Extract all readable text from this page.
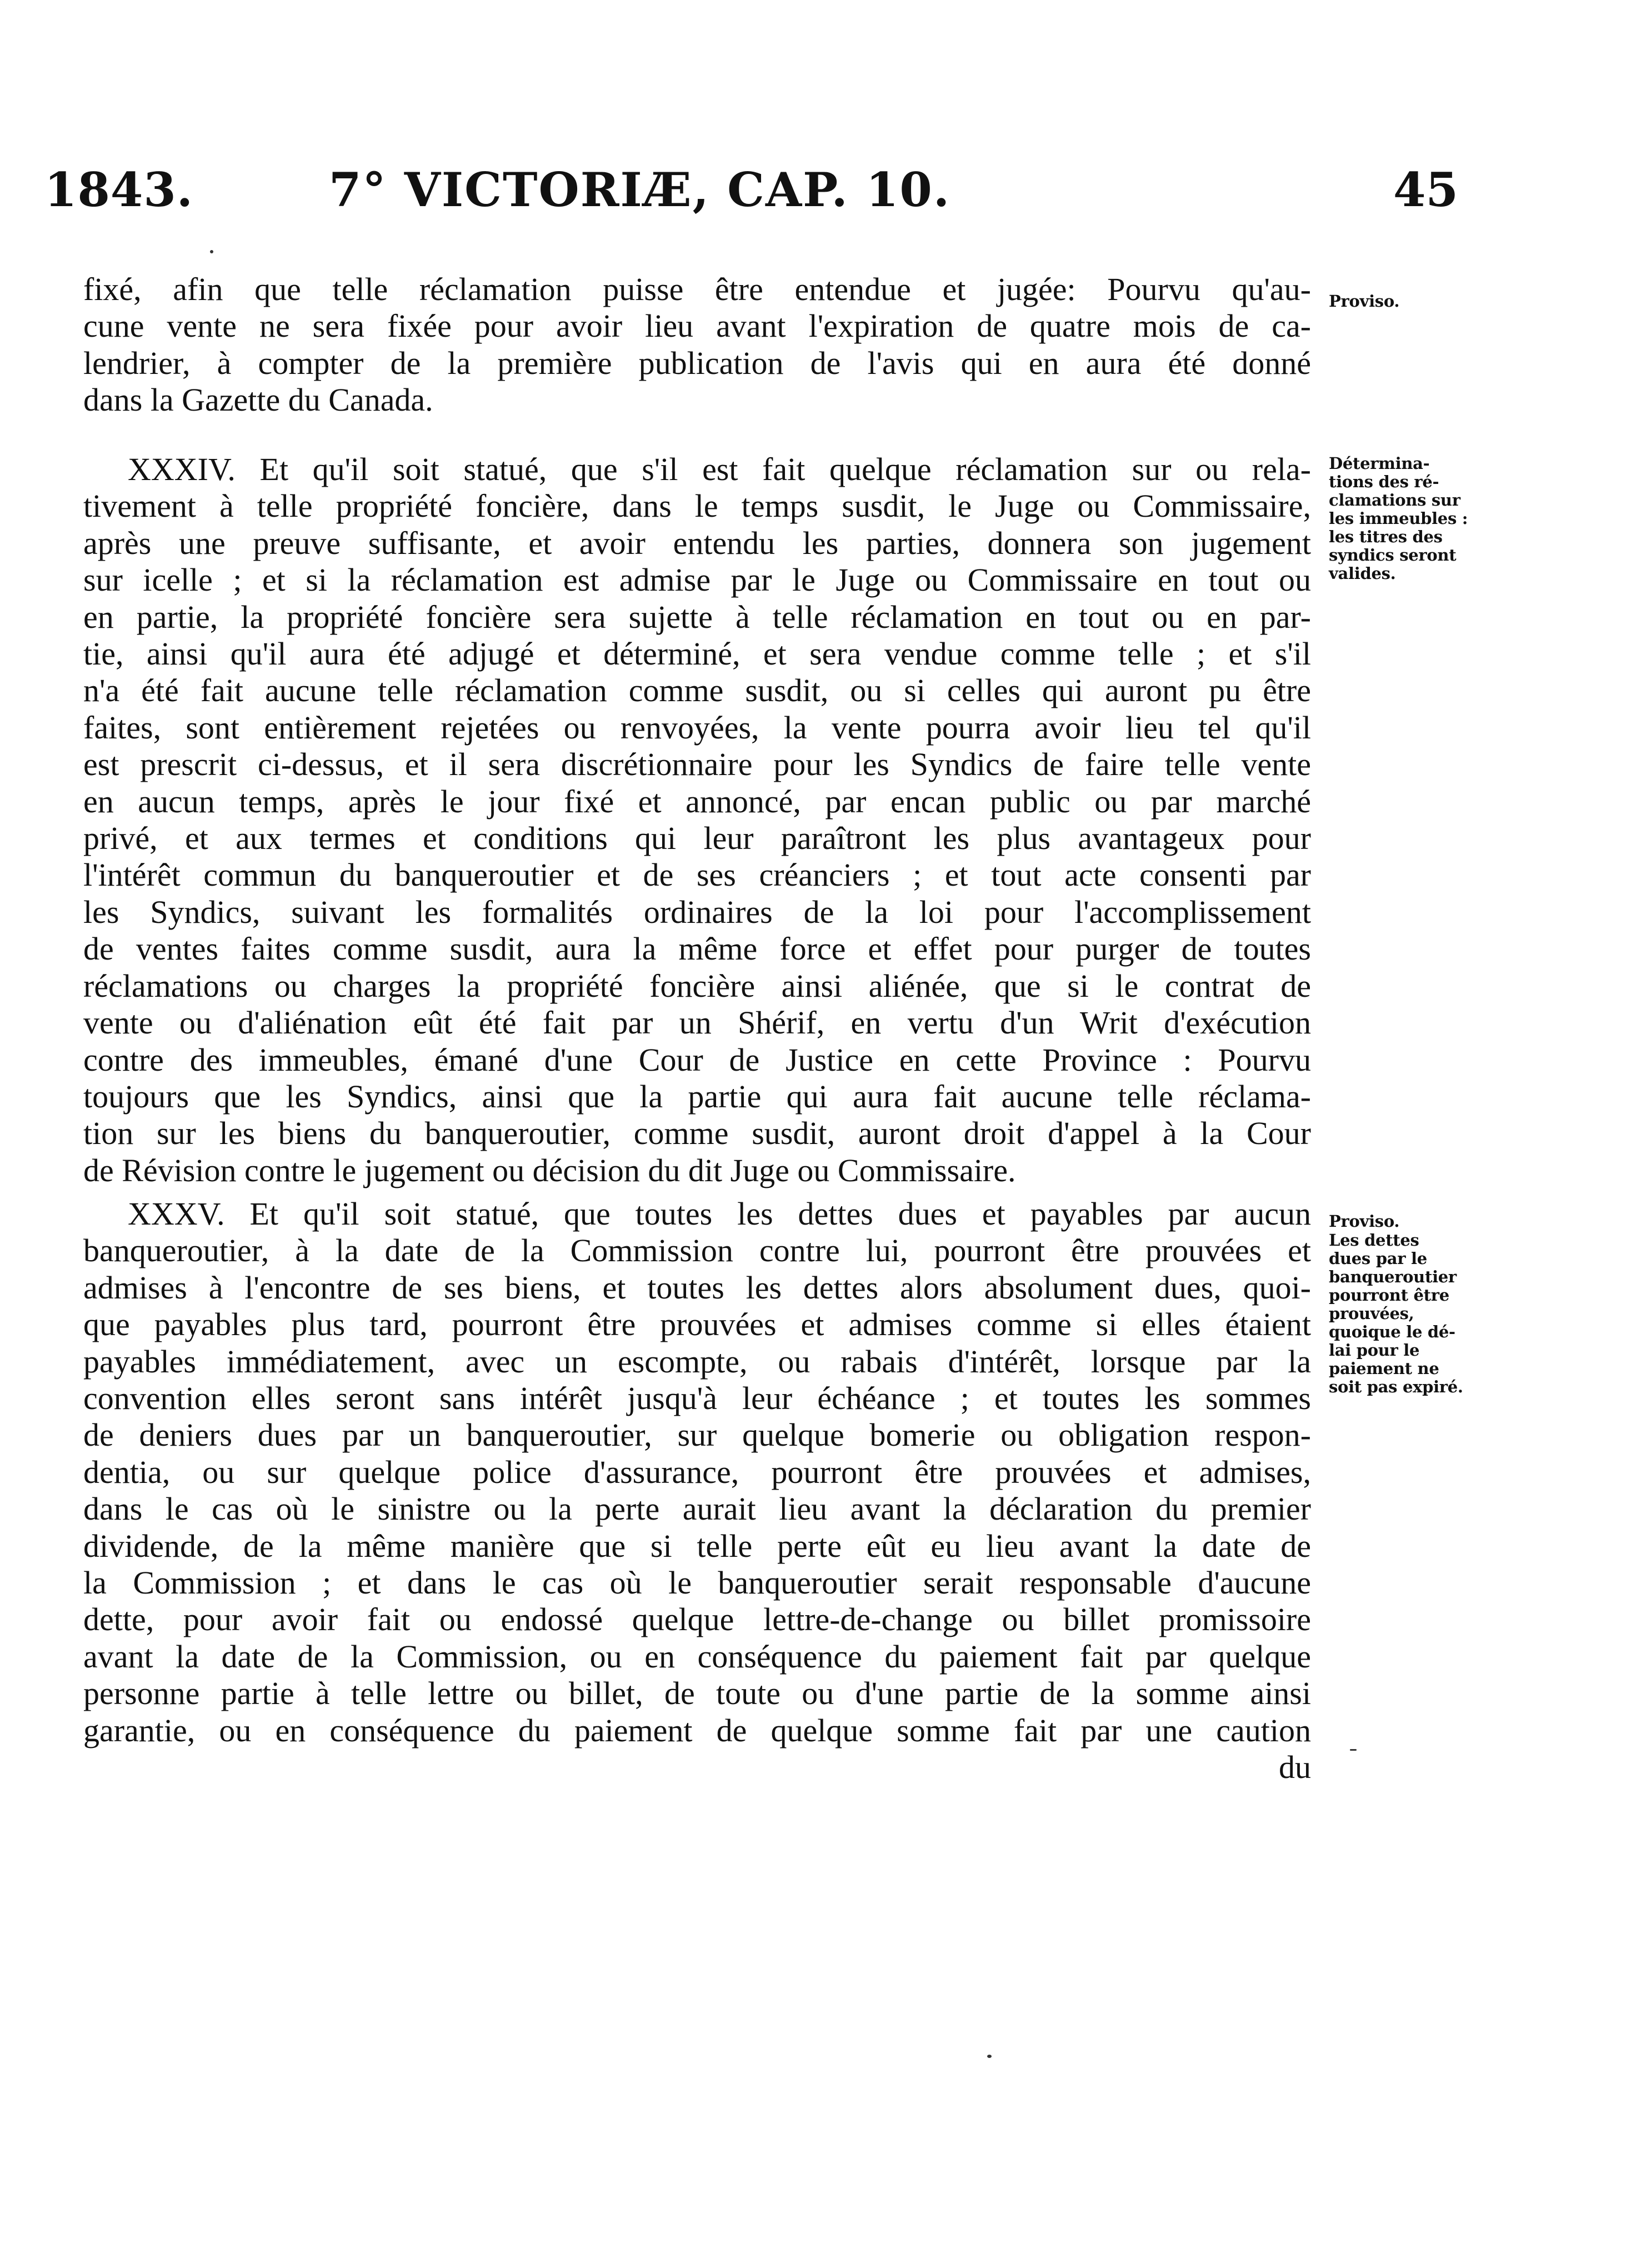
1843.	7° VICTORIÆ, CAP. 10.	45
fixé, afin que telle réclamation puisse être entendue et jugée: Pourvu qu'au-
cune vente ne sera fixée pour avoir lieu avant l'expiration de quatre mois de ca-
lendrier, à compter de la première publication de l'avis qui en aura été donné
dans la Gazette du Canada.
XXXIV. Et qu'il soit statué, que s'il est fait quelque réclamation sur ou rela-
tivement à telle propriété foncière, dans le temps susdit, le Juge ou Commissaire,
après une preuve suffisante, et avoir entendu les parties, donnera son jugement
sur icelle ; et si la réclamation est admise par le Juge ou Commissaire en tout ou
en partie, la propriété foncière sera sujette à telle réclamation en tout ou en par-
tie, ainsi qu'il aura été adjugé et déterminé, et sera vendue comme telle ; et s'il
n'a été fait aucune telle réclamation comme susdit, ou si celles qui auront pu être
faites, sont entièrement rejetées ou renvoyées, la vente pourra avoir lieu tel qu'il
est prescrit ci-dessus, et il sera discrétionnaire pour les Syndics de faire telle vente
en aucun temps, après le jour fixé et annoncé, par encan public ou par marché
privé, et aux termes et conditions qui leur paraîtront les plus avantageux pour
l'intérêt commun du banqueroutier et de ses créanciers ; et tout acte consenti par
les Syndics, suivant les formalités ordinaires de la loi pour l'accomplissement
de ventes faites comme susdit, aura la même force et effet pour purger de toutes
réclamations ou charges la propriété foncière ainsi aliénée, que si le contrat de
vente ou d'aliénation eût été fait par un Shérif, en vertu d'un Writ d'exécution
contre des immeubles, émané d'une Cour de Justice en cette Province : Pourvu
toujours que les Syndics, ainsi que la partie qui aura fait aucune telle réclama-
tion sur les biens du banqueroutier, comme susdit, auront droit d'appel à la Cour
de Révision contre le jugement ou décision du dit Juge ou Commissaire.
XXXV. Et qu'il soit statué, que toutes les dettes dues et payables par aucun
banqueroutier, à la date de la Commission contre lui, pourront être prouvées et
admises à l'encontre de ses biens, et toutes les dettes alors absolument dues, quoi-
que payables plus tard, pourront être prouvées et admises comme si elles étaient
payables immédiatement, avec un escompte, ou rabais d'intérêt, lorsque par la
convention elles seront sans intérêt jusqu'à leur échéance ; et toutes les sommes
de deniers dues par un banqueroutier, sur quelque bomerie ou obligation respon-
dentia, ou sur quelque police d'assurance, pourront être prouvées et admises,
dans le cas où le sinistre ou la perte aurait lieu avant la déclaration du premier
dividende, de la même manière que si telle perte eût eu lieu avant la date de
la Commission ; et dans le cas où le banqueroutier serait responsable d'aucune
dette, pour avoir fait ou endossé quelque lettre-de-change ou billet promissoire
avant la date de la Commission, ou en conséquence du paiement fait par quelque
personne partie à telle lettre ou billet, de toute ou d'une partie de la somme ainsi
garantie, ou en conséquence du paiement de quelque somme fait par une caution
du
Proviso.
Détermina-
tions des ré-
clamations sur
les immeubles :
les titres des
syndics seront
valides.
Proviso.
Les dettes
dues par le
banqueroutier
pourront être
prouvées,
quoique le dé-
lai pour le
paiement ne
soit pas expiré.
